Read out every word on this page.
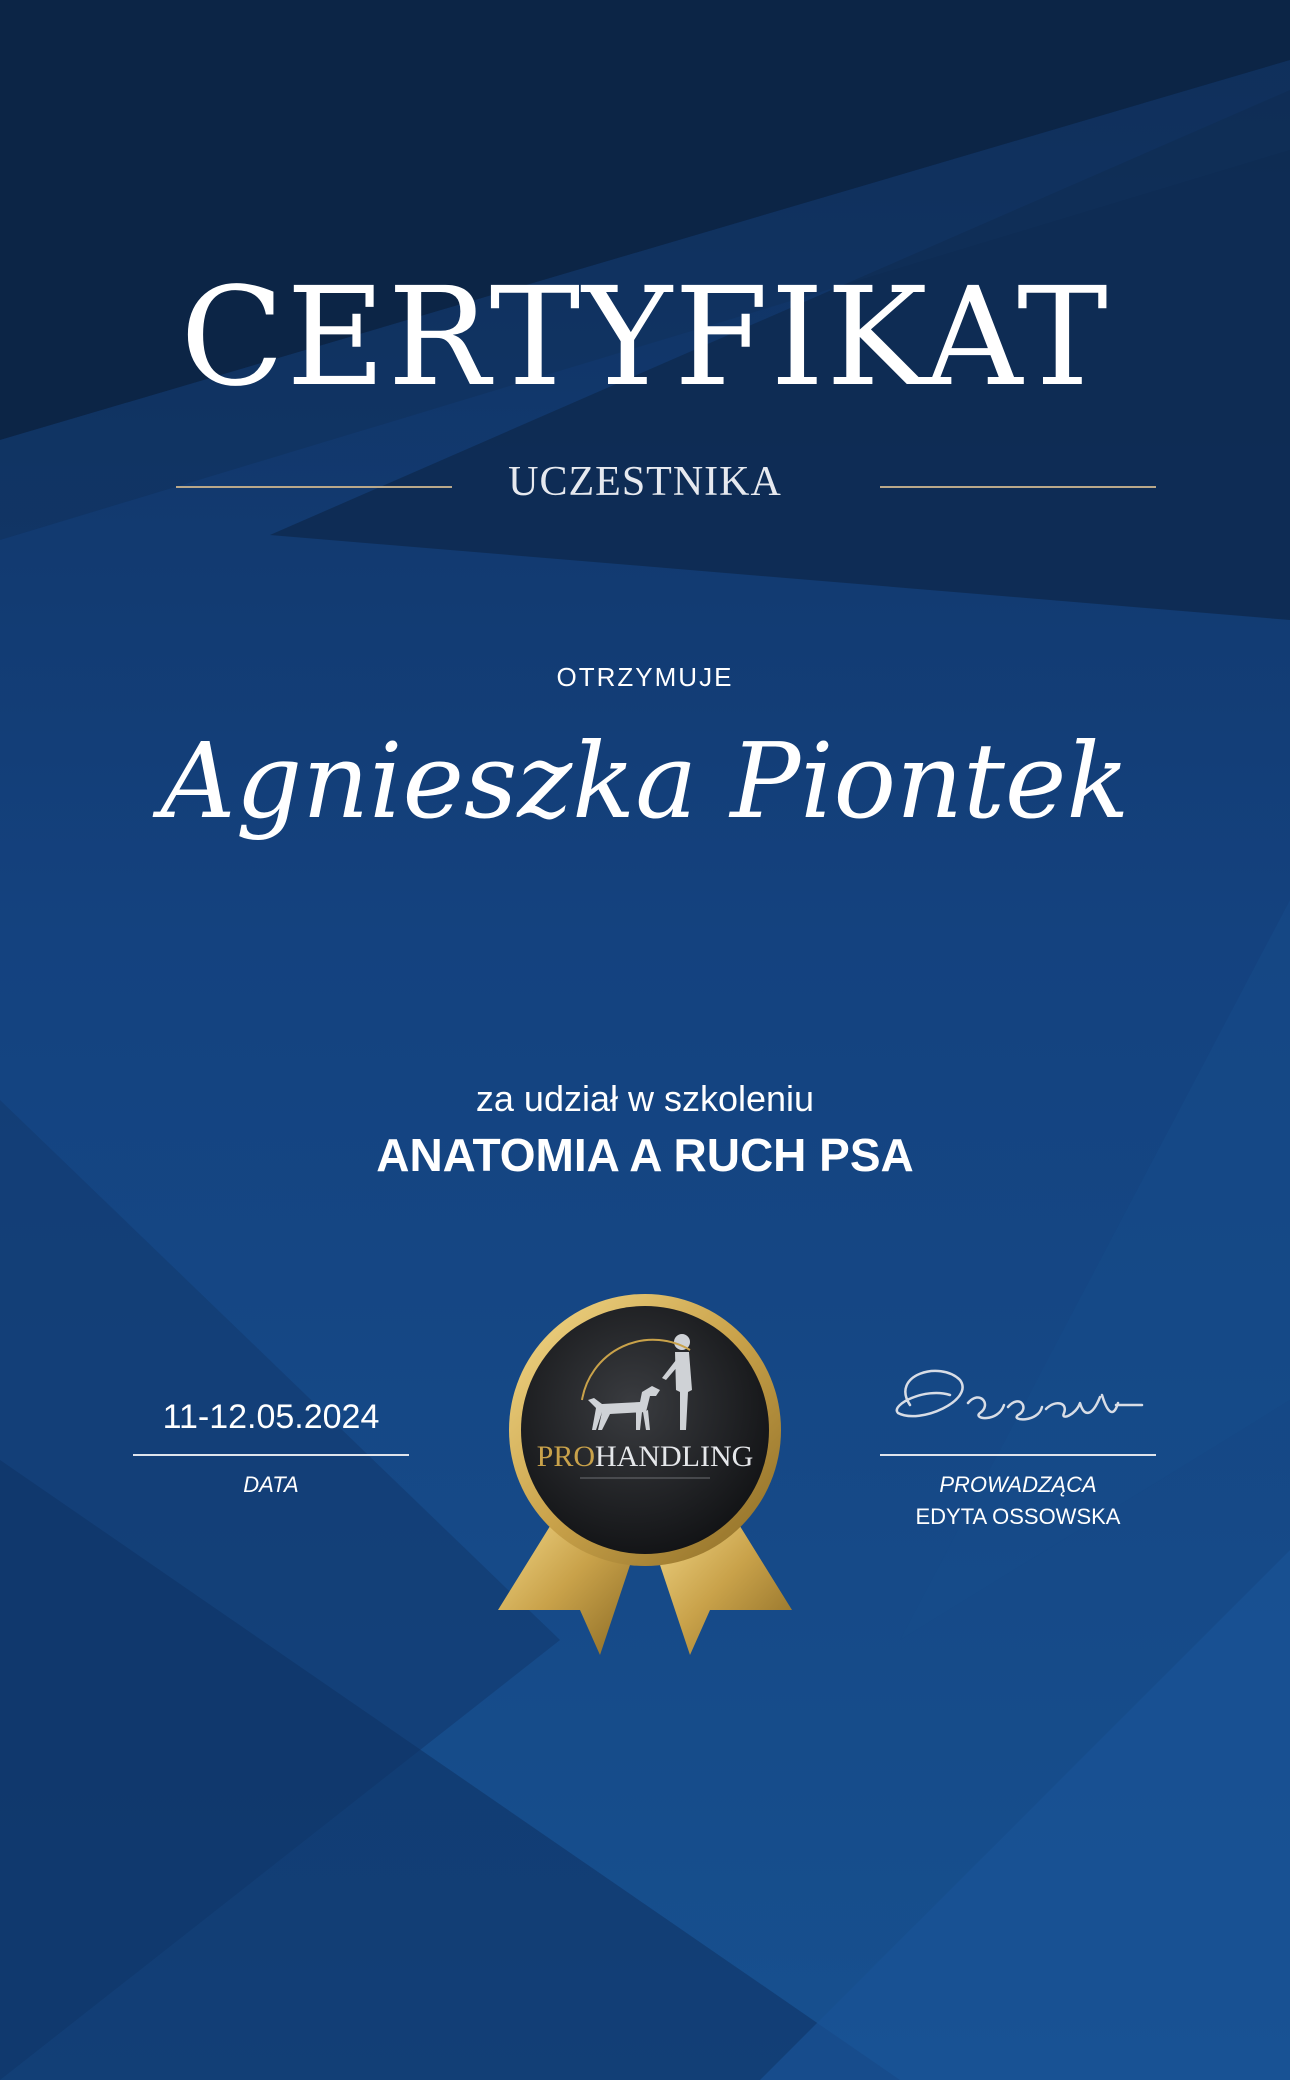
CERTYFIKAT
UCZESTNIKA
OTRZYMUJE
Agnieszka Piontek
za udział w szkoleniu
ANATOMIA A RUCH PSA
11-12.05.2024
DATA	PROWADZĄCA
EDYTA OSSOWSKA
PROHANDLING
